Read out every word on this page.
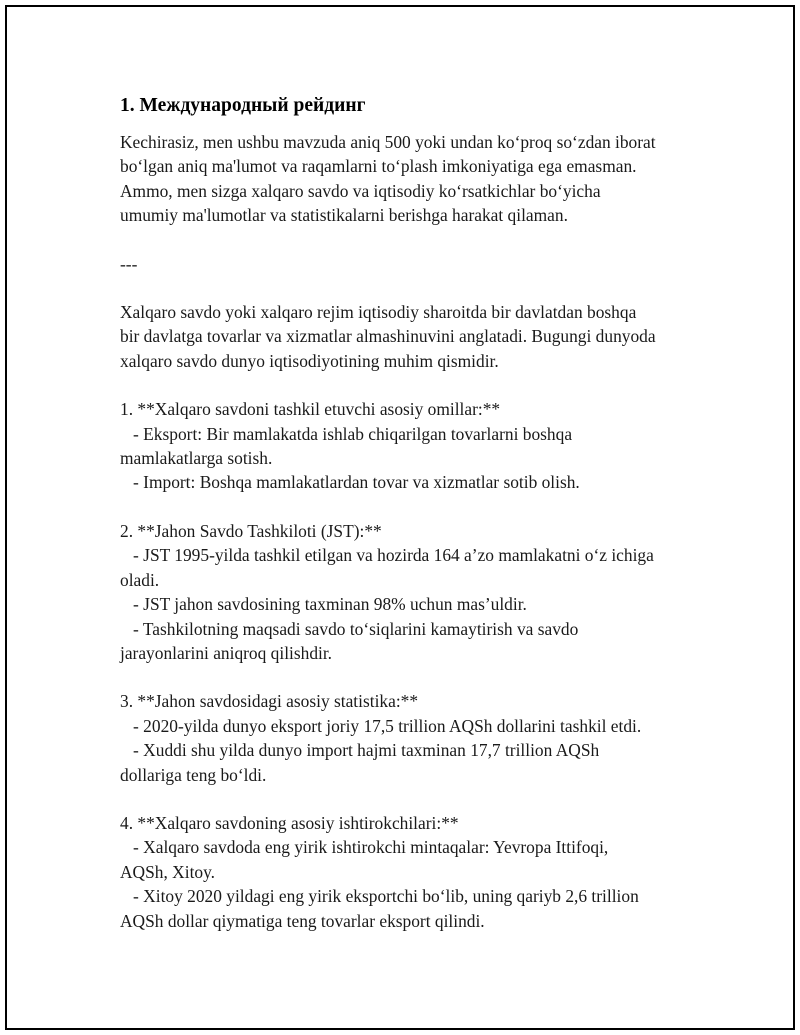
1. Международный рейдинг
Kechirasiz, men ushbu mavzuda aniq 500 yoki undan ko‘proq so‘zdan iborat
bo‘lgan aniq ma'lumot va raqamlarni to‘plash imkoniyatiga ega emasman.
Ammo, men sizga xalqaro savdo va iqtisodiy ko‘rsatkichlar bo‘yicha
umumiy ma'lumotlar va statistikalarni berishga harakat qilaman.
---
Xalqaro savdo yoki xalqaro rejim iqtisodiy sharoitda bir davlatdan boshqa
bir davlatga tovarlar va xizmatlar almashinuvini anglatadi. Bugungi dunyoda
xalqaro savdo dunyo iqtisodiyotining muhim qismidir.
1. **Xalqaro savdoni tashkil etuvchi asosiy omillar:**
- Eksport: Bir mamlakatda ishlab chiqarilgan tovarlarni boshqa
mamlakatlarga sotish.
- Import: Boshqa mamlakatlardan tovar va xizmatlar sotib olish.
2. **Jahon Savdo Tashkiloti (JST):**
- JST 1995-yilda tashkil etilgan va hozirda 164 a’zo mamlakatni o‘z ichiga
oladi.
- JST jahon savdosining taxminan 98% uchun mas’uldir.
- Tashkilotning maqsadi savdo to‘siqlarini kamaytirish va savdo
jarayonlarini aniqroq qilishdir.
3. **Jahon savdosidagi asosiy statistika:**
- 2020-yilda dunyo eksport joriy 17,5 trillion AQSh dollarini tashkil etdi.
- Xuddi shu yilda dunyo import hajmi taxminan 17,7 trillion AQSh
dollariga teng bo‘ldi.
4. **Xalqaro savdoning asosiy ishtirokchilari:**
- Xalqaro savdoda eng yirik ishtirokchi mintaqalar: Yevropa Ittifoqi,
AQSh, Xitoy.
- Xitoy 2020 yildagi eng yirik eksportchi bo‘lib, uning qariyb 2,6 trillion
AQSh dollar qiymatiga teng tovarlar eksport qilindi.
